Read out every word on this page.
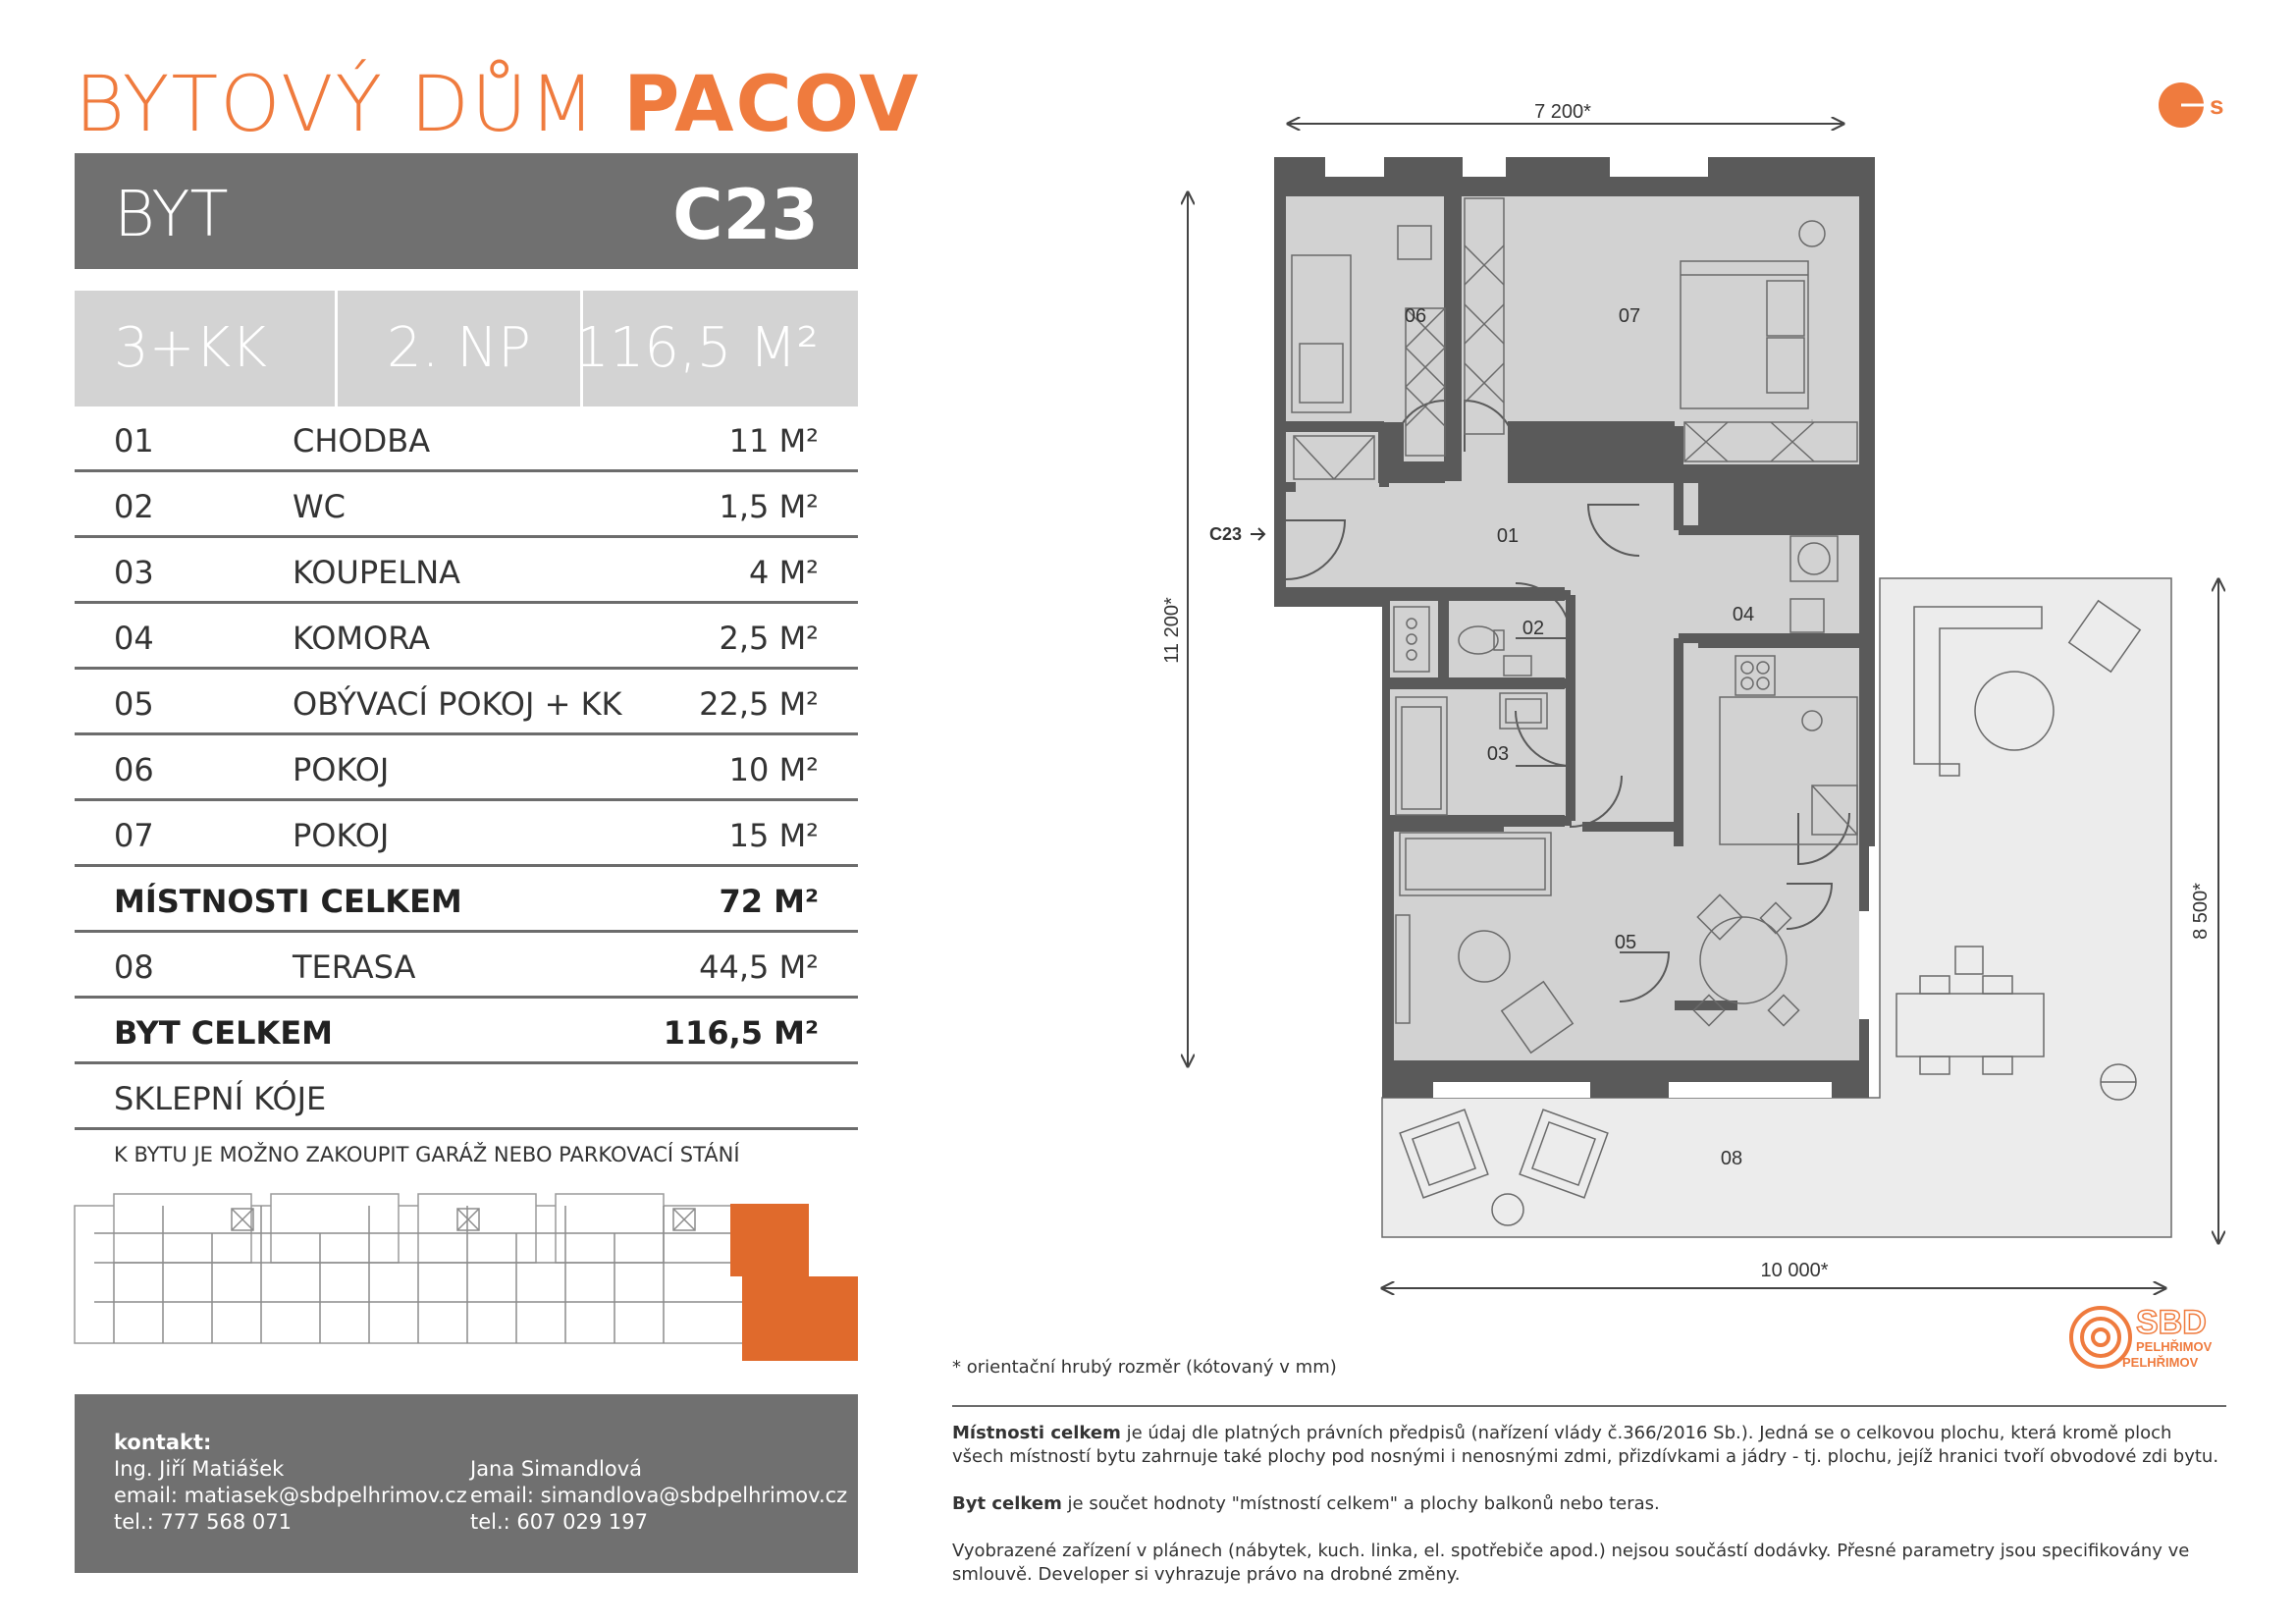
BYTOVÝ DŮM PACOV
BYT	C23
3+KK 2. NP 116,5 M²
01	CHODBA	11 M²
02	WC	1,5 M²
03	KOUPELNA	4 M²
04	KOMORA	2,5 M²
05	OBÝVACÍ POKOJ + KK 22,5 M²
06	POKOJ	10 M²
07	POKOJ	15 M²
MÍSTNOSTI CELKEM	72 M²
08	TERASA	44,5 M²
BYT CELKEM	116,5 M²
SKLEPNÍ KÓJE
K BYTU JE MOŽNO ZAKOUPIT GARÁŽ NEBO PARKOVACÍ STÁNÍ
kontakt:
Ing. Jiří Matiášek
email: matiasek@sbdpelhrimov.cz
tel.: 777 568 071
Jana Simandlová
email: simandlova@sbdpelhrimov.cz
tel.: 607 029 197
s
7 200*
11 200*
8 500*
10 000*
C23
06	07
01
02
04
03
05
08
SBD
PELHŘIMOV
PELHŘIMOV
* orientační hrubý rozměr (kótovaný v mm)

Místnosti celkem je údaj dle platných právních předpisů (nařízení vlády č.366/2016 Sb.). Jedná se o celkovou plochu, která kromě ploch všech místností bytu zahrnuje také plochy pod nosnými i nenosnými zdmi, přizdívkami a jádry - tj. plochu, jejíž hranici tvoří obvodové zdi bytu.

Byt celkem je součet hodnoty "místností celkem" a plochy balkonů nebo teras.

Vyobrazené zařízení v plánech (nábytek, kuch. linka, el. spotřebiče apod.) nejsou součástí dodávky. Přesné parametry jsou specifikovány ve smlouvě. Developer si vyhrazuje právo na drobné změny.
